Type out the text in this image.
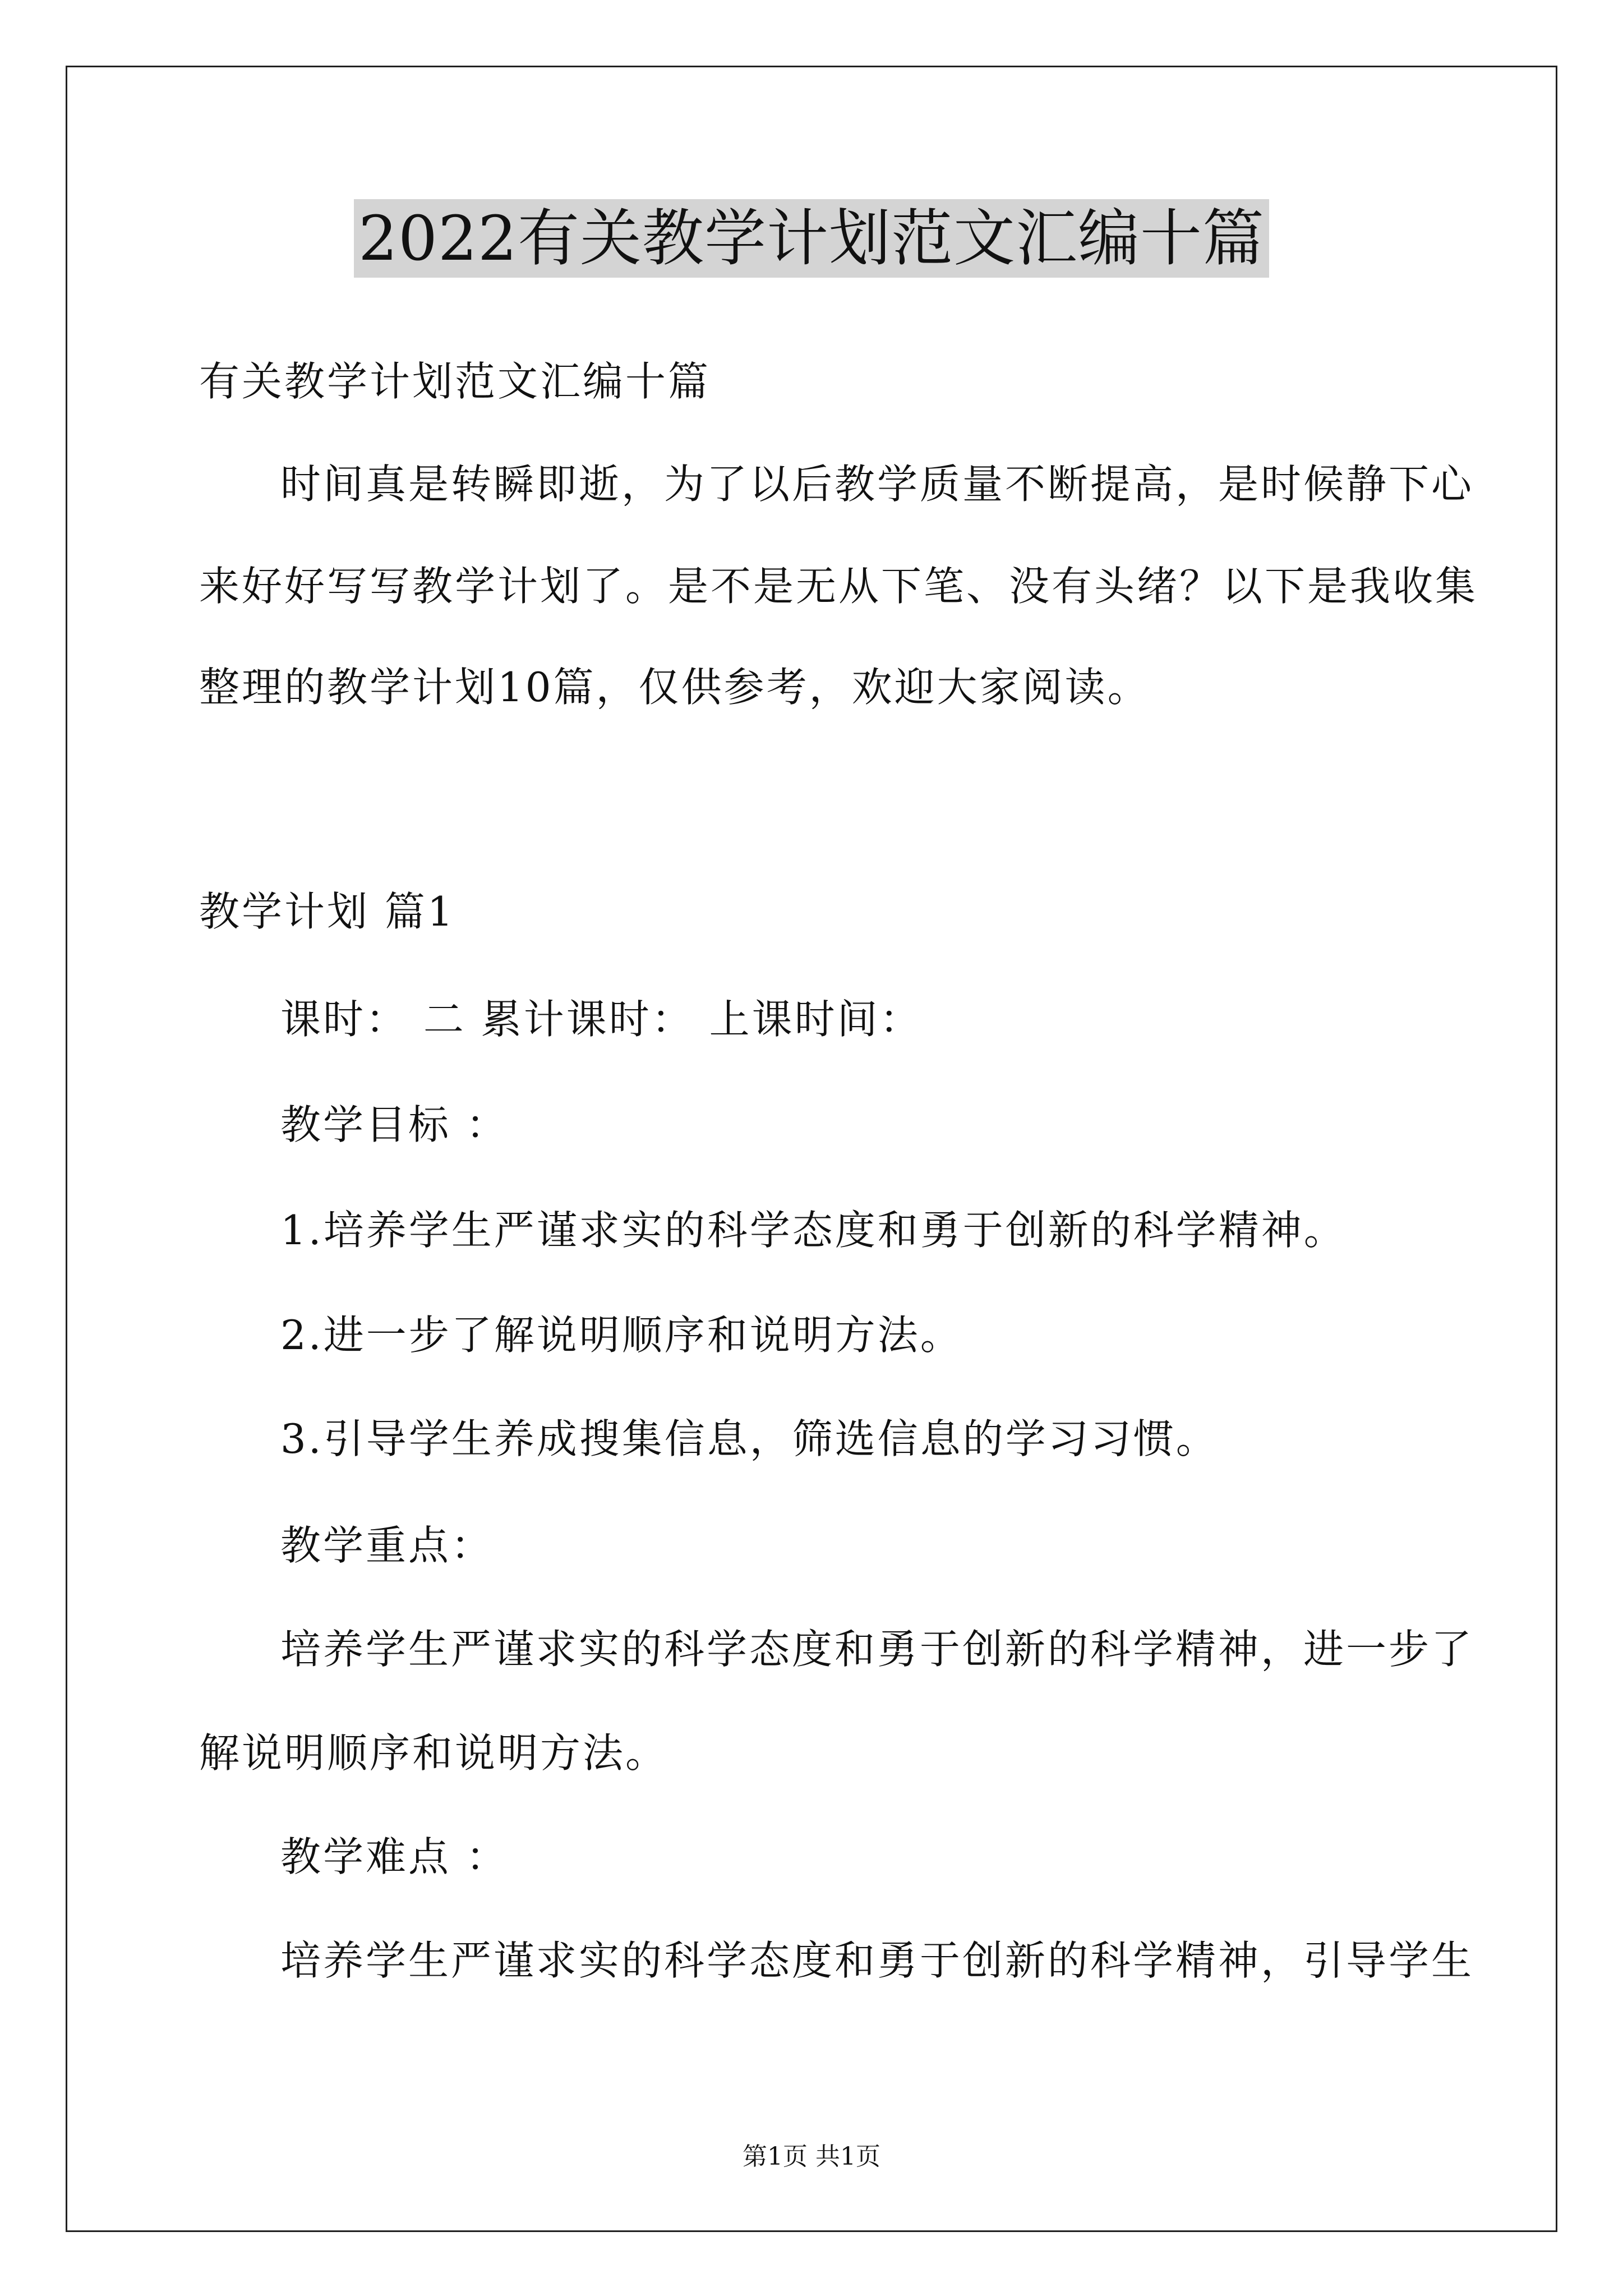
2022有关教学计划范文汇编十篇
有关教学计划范文汇编十篇
时间真是转瞬即逝，为了以后教学质量不断提高，是时候静下心
来好好写写教学计划了。是不是无从下笔、没有头绪？以下是我收集
整理的教学计划10篇，仅供参考，欢迎大家阅读。
教学计划 篇1
课时： 二 累计课时： 上课时间：
教学目标 ：
1.培养学生严谨求实的科学态度和勇于创新的科学精神。
2.进一步了解说明顺序和说明方法。
3.引导学生养成搜集信息，筛选信息的学习习惯。
教学重点：
培养学生严谨求实的科学态度和勇于创新的科学精神，进一步了
解说明顺序和说明方法。
教学难点 ：
培养学生严谨求实的科学态度和勇于创新的科学精神，引导学生
第1页 共1页
